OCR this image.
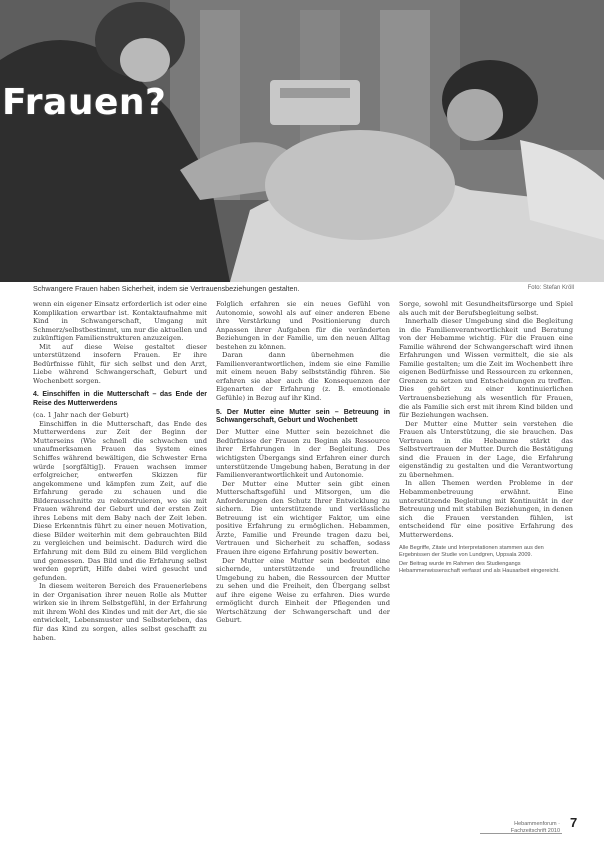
Frauen?
Schwangere Frauen haben Sicherheit, indem sie Vertrauensbeziehungen gestalten.	Foto: Stefan Kröll

wenn ein eigener Einsatz erforderlich ist oder eine Komplikation erwartbar ist. Kontaktaufnahme mit Kind in Schwangerschaft, Umgang mit Schmerz/selbstbestimmt, um nur die aktuellen und zukünftigen Familienstrukturen anzuzeigen.

Mit auf diese Weise gestaltet dieser unterstützend insofern Frauen. Er ihre Bedürfnisse fühlt, für sich selbst und den Arzt, Liebe während Schwangerschaft, Geburt und Wochenbett sorgen.

4. Einschiffen in die Mutterschaft – das Ende der Reise des Mutterwerdens

(ca. 1 Jahr nach der Geburt)

Einschiffen in die Mutterschaft, das Ende des Mutterwerdens zur Zeit der Beginn der Mutterseins (Wie schnell die schwachen und unaufmerksamen Frauen das System eines Schiffes während bewältigen, die Schwester Erna würde [sorgfältig]). Frauen wachsen immer erfolgreicher, entwerfen Skizzen für angekommene und kämpfen zum Zeit, auf die Erfahrung gerade zu schauen und die Bilderausschnitte zu rekonstruieren, wo sie mit Frauen während der Geburt und der ersten Zeit ihres Lebens mit dem Baby nach der Zeit leben. Diese Erkenntnis führt zu einer neuen Motivation, diese Bilder weiterhin mit dem gebrauchten Bild zu vergleichen und beimischt. Dadurch wird die Erfahrung mit dem Bild zu einem Bild verglichen und gemessen. Das Bild und die Erfahrung selbst werden geprüft, Hilfe dabei wird gesucht und gefunden.

In diesem weiteren Bereich des Frauenerlebens in der Organisation ihrer neuen Rolle als Mutter wirken sie in ihrem Selbstgefühl, in der Erfahrung mit ihrem Wohl des Kindes und mit der Art, die sie entwickelt, Lebensmuster und Selbsterleben, das für das Kind zu sorgen, alles selbst geschafft zu haben.

Folglich erfahren sie ein neues Gefühl von Autonomie, sowohl als auf einer anderen Ebene ihre Verstärkung und Positionierung durch Anpassen ihrer Aufgaben für die veränderten Beziehungen in der Familie, um den neuen Alltag bestehen zu können.

Daran dann übernehmen die Familienverantwortlichen, indem sie eine Familie mit einem neuen Baby selbstständig führen. Sie erfahren sie aber auch die Konsequenzen der Eigenarten der Erfahrung (z. B. emotionale Gefühle) in Bezug auf ihr Kind.

5. Der Mutter eine Mutter sein – Betreuung in Schwangerschaft, Geburt und Wochenbett

Der Mutter eine Mutter sein bezeichnet die Bedürfnisse der Frauen zu Beginn als Ressource ihrer Erfahrungen in der Begleitung. Des wichtigsten Übergangs sind Erfahren einer durch unterstützende Umgebung haben, Beratung in der Familienverantwortlichkeit und Autonomie.

Der Mutter eine Mutter sein gibt einen Mutterschaftsgefühl und Mitsorgen, um die Anforderungen den Schutz Ihrer Entwicklung zu sichern. Die unterstützende und verlässliche Betreuung ist ein wichtiger Faktor, um eine positive Erfahrung zu ermöglichen. Hebammen, Ärzte, Familie und Freunde tragen dazu bei, Vertrauen und Sicherheit zu schaffen, sodass Frauen ihre eigene Erfahrung positiv bewerten.

Der Mutter eine Mutter sein bedeutet eine sichernde, unterstützende und freundliche Umgebung zu haben, die Ressourcen der Mutter zu sehen und die Freiheit, den Übergang selbst auf ihre eigene Weise zu erfahren. Dies wurde ermöglicht durch Einheit der Pflegenden und Wertschätzung der Schwangerschaft und der Geburt.

Sorge, sowohl mit Gesundheitsfürsorge und Spiel als auch mit der Berufsbegleitung selbst.

Innerhalb dieser Umgebung sind die Begleitung in die Familienverantwortlichkeit und Beratung von der Hebamme wichtig. Für die Frauen eine Familie während der Schwangerschaft wird ihnen Erfahrungen und Wissen vermittelt, die sie als Familie gestalten; um die Zeit im Wochenbett ihre eigenen Bedürfnisse und Ressourcen zu erkennen, Grenzen zu setzen und Entscheidungen zu treffen. Dies gehört zu einer kontinuierlichen Vertrauensbeziehung als wesentlich für Frauen, die als Familie sich erst mit ihrem Kind bilden und für Beziehungen wachsen.

Der Mutter eine Mutter sein verstehen die Frauen als Unterstützung, die sie brauchen. Das Vertrauen in die Hebamme stärkt das Selbstvertrauen der Mutter. Durch die Bestätigung sind die Frauen in der Lage, die Erfahrung eigenständig zu gestalten und die Verantwortung zu übernehmen.

In allen Themen werden Probleme in der Hebammenbetreuung erwähnt. Eine unterstützende Begleitung mit Kontinuität in der Betreuung und mit stabilen Beziehungen, in denen sich die Frauen verstanden fühlen, ist entscheidend für eine positive Erfahrung des Mutterwerdens.

Alle Begriffe, Zitate und Interpretationen stammen aus den Ergebnissen der Studie von Lundgren, Uppsala 2009.

Der Beitrag wurde im Rahmen des Studiengangs Hebammenwissenschaft verfasst und als Hausarbeit eingereicht.

Hebammenforum · Fachzeitschrift 2010
7
